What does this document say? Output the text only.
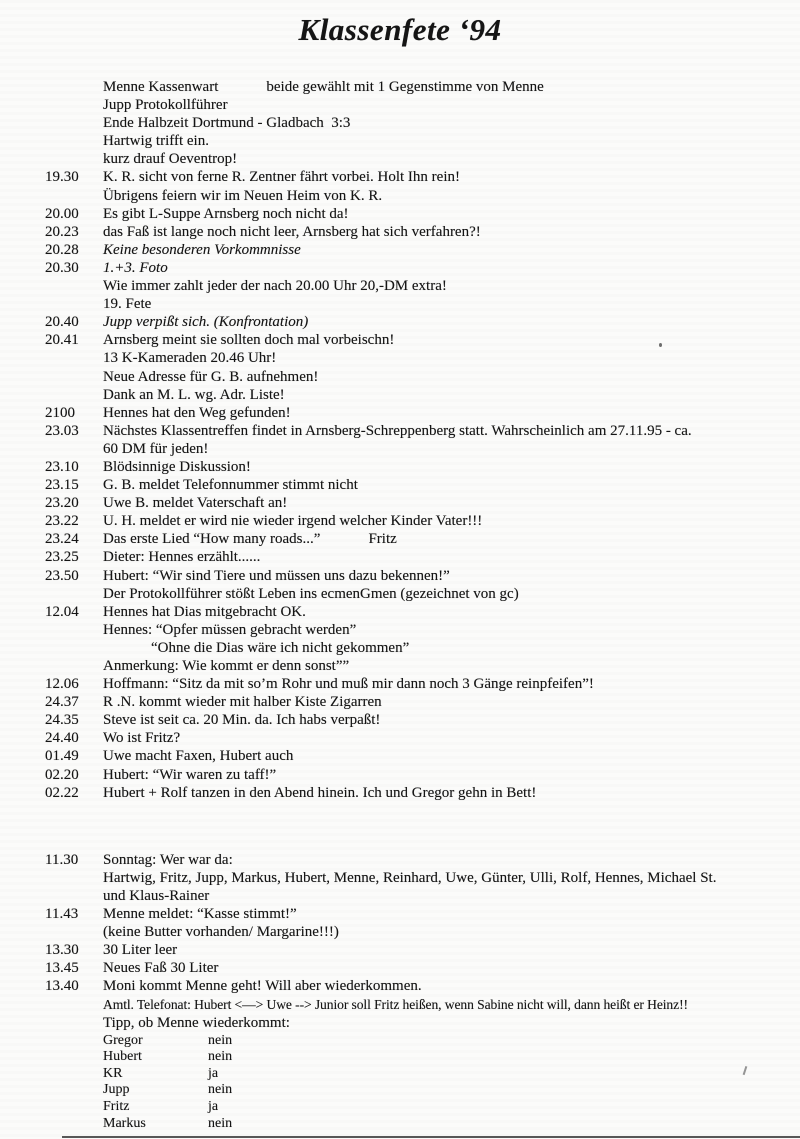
Klassenfete ‘94
Menne Kassenwart	beide gewählt mit 1 Gegenstimme von Menne
Jupp Protokollführer
Ende Halbzeit Dortmund - Gladbach  3:3
Hartwig trifft ein.
kurz drauf Oeventrop!
19.30	K. R. sicht von ferne R. Zentner fährt vorbei. Holt Ihn rein!
Übrigens feiern wir im Neuen Heim von K. R.
20.00	Es gibt L-Suppe Arnsberg noch nicht da!
20.23	das Faß ist lange noch nicht leer, Arnsberg hat sich verfahren?!
20.28	Keine besonderen Vorkommnisse
20.30	1.+3. Foto
Wie immer zahlt jeder der nach 20.00 Uhr 20,-DM extra!
19. Fete
20.40	Jupp verpißt sich. (Konfrontation)
20.41	Arnsberg meint sie sollten doch mal vorbeischn!
13 K-Kameraden 20.46 Uhr!
Neue Adresse für G. B. aufnehmen!
Dank an M. L. wg. Adr. Liste!
2100	Hennes hat den Weg gefunden!
23.03	Nächstes Klassentreffen findet in Arnsberg-Schreppenberg statt. Wahrscheinlich am 27.11.95 - ca.
60 DM für jeden!
23.10	Blödsinnige Diskussion!
23.15	G. B. meldet Telefonnummer stimmt nicht
23.20	Uwe B. meldet Vaterschaft an!
23.22	U. H. meldet er wird nie wieder irgend welcher Kinder Vater!!!
23.24	Das erste Lied “How many roads...”	Fritz
23.25	Dieter: Hennes erzählt......
23.50	Hubert: “Wir sind Tiere und müssen uns dazu bekennen!”
Der Protokollführer stößt Leben ins ecmenGmen (gezeichnet von gc)
12.04	Hennes hat Dias mitgebracht OK.
Hennes: “Opfer müssen gebracht werden”
“Ohne die Dias wäre ich nicht gekommen”
Anmerkung: Wie kommt er denn sonst””
12.06	Hoffmann: “Sitz da mit so’m Rohr und muß mir dann noch 3 Gänge reinpfeifen”!
24.37	R .N. kommt wieder mit halber Kiste Zigarren
24.35	Steve ist seit ca. 20 Min. da. Ich habs verpaßt!
24.40	Wo ist Fritz?
01.49	Uwe macht Faxen, Hubert auch
02.20	Hubert: “Wir waren zu taff!”
02.22	Hubert + Rolf tanzen in den Abend hinein. Ich und Gregor gehn in Bett!
11.30	Sonntag: Wer war da:
Hartwig, Fritz, Jupp, Markus, Hubert, Menne, Reinhard, Uwe, Günter, Ulli, Rolf, Hennes, Michael St.
und Klaus-Rainer
11.43	Menne meldet: “Kasse stimmt!”
(keine Butter vorhanden/ Margarine!!!)
13.30	30 Liter leer
13.45	Neues Faß 30 Liter
13.40	Moni kommt Menne geht! Will aber wiederkommen.
Amtl. Telefonat: Hubert <—> Uwe --> Junior soll Fritz heißen, wenn Sabine nicht will, dann heißt er Heinz!!
Tipp, ob Menne wiederkommt:
Gregor	nein
Hubert	nein
KR	ja
Jupp	nein
Fritz	ja
Markus	nein
